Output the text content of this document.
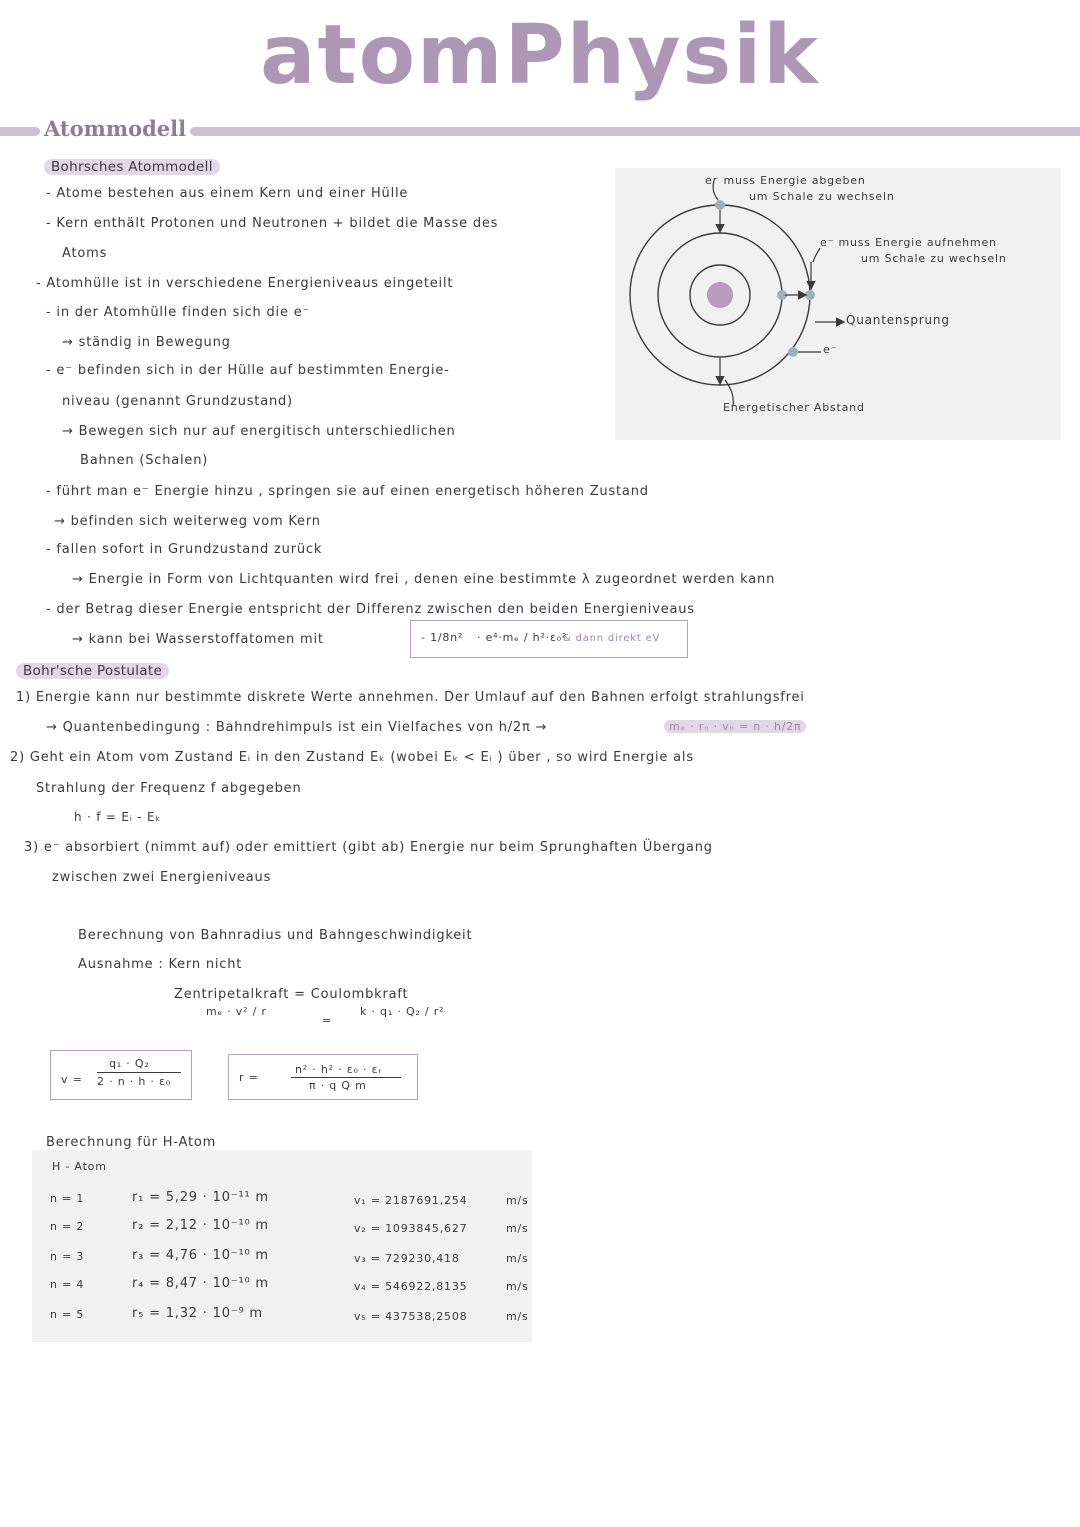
atomPhysik
Atommodell
Bohrsches Atommodell
- Atome bestehen aus einem Kern und einer Hülle
- Kern enthält Protonen und Neutronen + bildet die Masse des
Atoms
- Atomhülle ist in verschiedene Energieniveaus eingeteilt
- in der Atomhülle finden sich die e⁻
→ ständig in Bewegung
- e⁻ befinden sich in der Hülle auf bestimmten Energie-
niveau (genannt Grundzustand)
→ Bewegen sich nur auf energitisch unterschiedlichen
Bahnen (Schalen)
- führt man e⁻ Energie hinzu , springen sie auf einen energetisch höheren Zustand
→ befinden sich weiterweg vom Kern
- fallen sofort in Grundzustand zurück
→ Energie in Form von Lichtquanten wird frei , denen eine bestimmte λ zugeordnet werden kann
- der Betrag dieser Energie entspricht der Differenz zwischen den beiden Energieniveaus
→ kann bei Wasserstoffatomen mit	- 1/8n² · e⁴·mₑ / h²·ε₀²
& dann direkt eV
e⁻ muss Energie abgeben
um Schale zu wechseln
e⁻ muss Energie aufnehmen
um Schale zu wechseln
Quantensprung
e⁻
Energetischer Abstand
Bohr'sche Postulate
1) Energie kann nur bestimmte diskrete Werte annehmen. Der Umlauf auf den Bahnen erfolgt strahlungsfrei
→ Quantenbedingung : Bahndrehimpuls ist ein Vielfaches von h/2π →	mₑ · rₙ · vₙ = n · h/2π
2) Geht ein Atom vom Zustand Eᵢ in den Zustand Eₖ (wobei Eₖ < Eᵢ ) über , so wird Energie als
Strahlung der Frequenz f abgegeben
h · f = Eᵢ - Eₖ
3) e⁻ absorbiert (nimmt auf) oder emittiert (gibt ab) Energie nur beim Sprunghaften Übergang
zwischen zwei Energieniveaus
Berechnung von Bahnradius und Bahngeschwindigkeit
Ausnahme : Kern nicht
Zentripetalkraft = Coulombkraft
mₑ · v² / r
=
k · q₁ · Q₂ / r²
v =
q₁ · Q₂
2 · n · h · ε₀	r =
n² · h² · ε₀ · εᵣ
π · q Q m
Berechnung für H-Atom
H - Atom
n = 1	r₁ = 5,29 · 10⁻¹¹ m	v₁ = 2187691,254	m/s
n = 2	r₂ = 2,12 · 10⁻¹⁰ m	v₂ = 1093845,627	m/s
n = 3	r₃ = 4,76 · 10⁻¹⁰ m	v₃ = 729230,418	m/s
n = 4	r₄ = 8,47 · 10⁻¹⁰ m	v₄ = 546922,8135	m/s
n = 5	r₅ = 1,32 · 10⁻⁹ m	v₅ = 437538,2508	m/s
